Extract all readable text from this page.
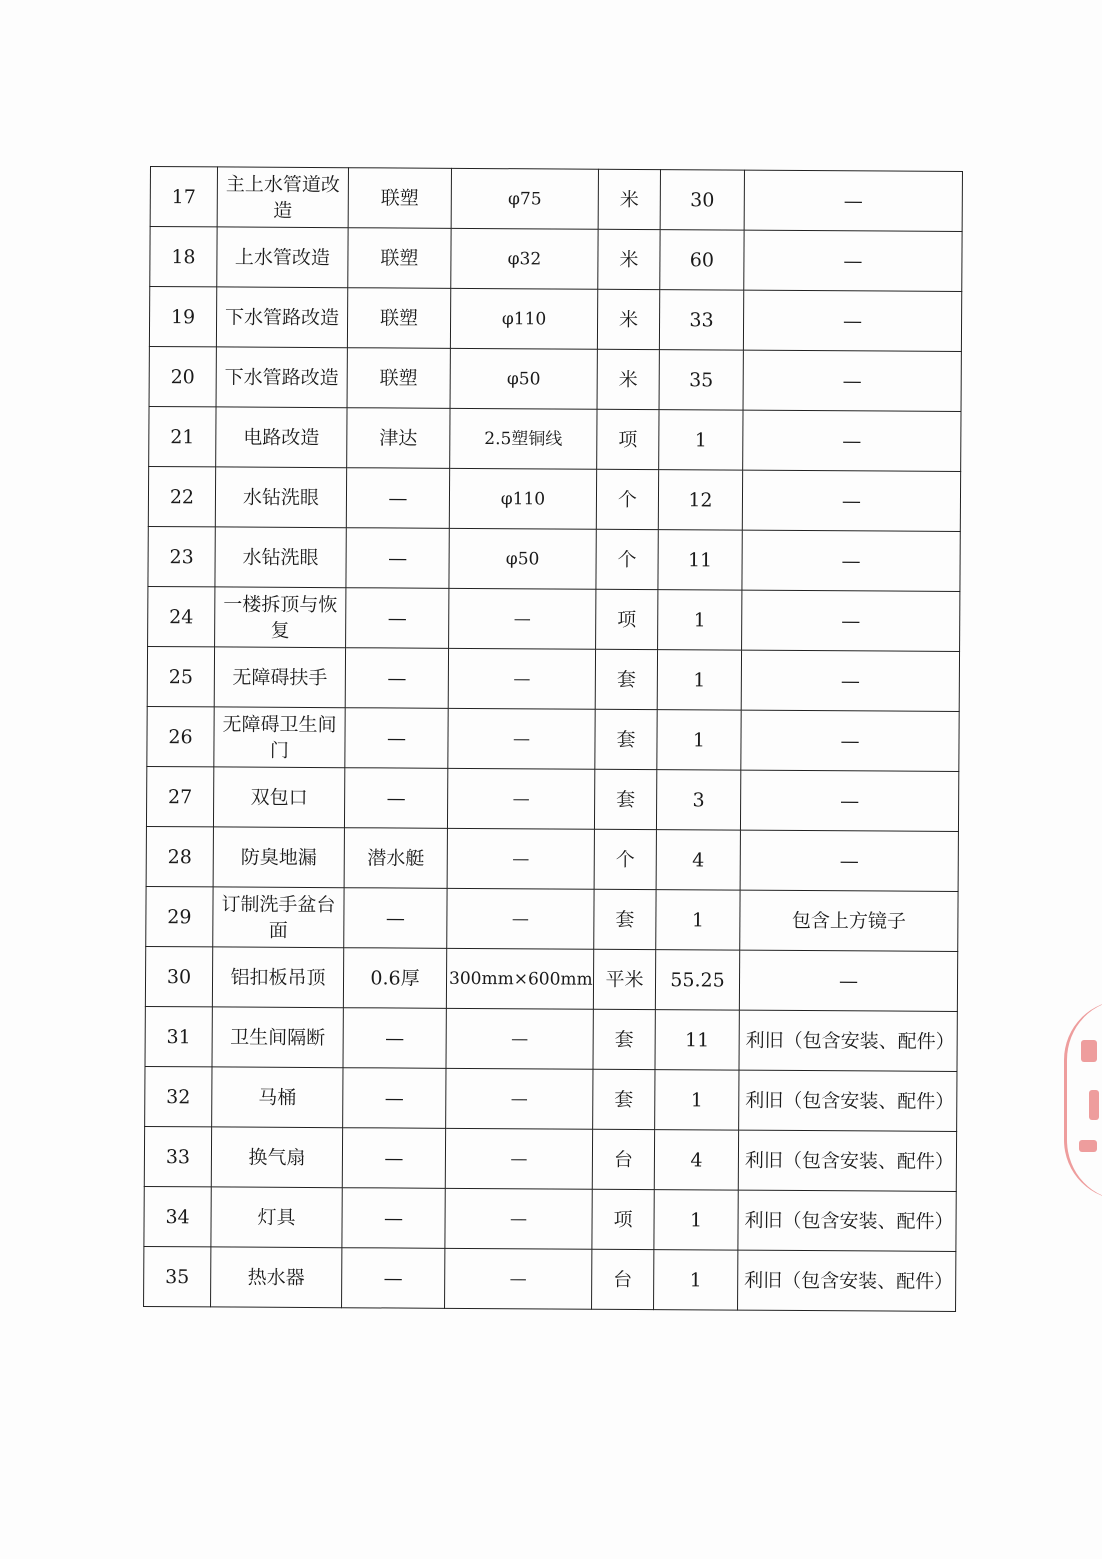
17	主上水管道改造	联塑	φ75	米	30	—
18	上水管改造	联塑	φ32	米	60	—
19	下水管路改造	联塑	φ110	米	33	—
20	下水管路改造	联塑	φ50	米	35	—
21	电路改造	津达	2.5塑铜线	项	1	—
22	水钻洗眼	—	φ110	个	12	—
23	水钻洗眼	—	φ50	个	11	—
24	一楼拆顶与恢复	—	—	项	1	—
25	无障碍扶手	—	—	套	1	—
26	无障碍卫生间门	—	—	套	1	—
27	双包口	—	—	套	3	—
28	防臭地漏	潜水艇	—	个	4	—
29	订制洗手盆台面	—	—	套	1	包含上方镜子
30	铝扣板吊顶	0.6厚	300mm×600mm	平米	55.25	—
31	卫生间隔断	—	—	套	11	利旧（包含安装、配件）
32	马桶	—	—	套	1	利旧（包含安装、配件）
33	换气扇	—	—	台	4	利旧（包含安装、配件）
34	灯具	—	—	项	1	利旧（包含安装、配件）
35	热水器	—	—	台	1	利旧（包含安装、配件）
